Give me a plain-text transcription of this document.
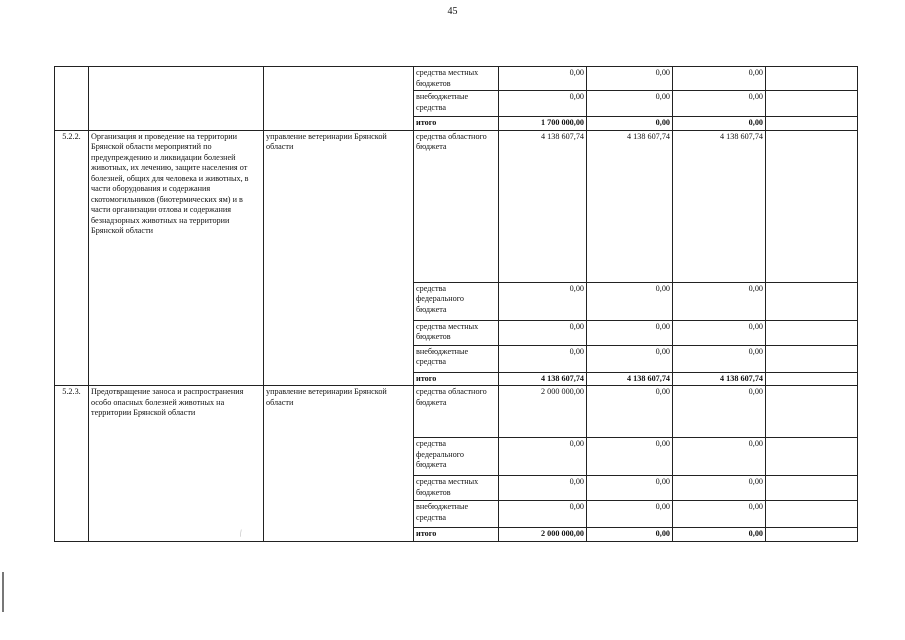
45
			средства местных бюджетов	0,00	0,00	0,00	
			внебюджетные средства	0,00	0,00	0,00	
			итого	1 700 000,00	0,00	0,00	
5.2.2.	Организация и проведение на территории Брянской области мероприятий по предупреждению и ликвидации болезней животных, их лечению, защите населения от болезней, общих для человека и животных, в части оборудования и содержания скотомогильников (биотермических ям) и в части организации отлова и содержания безнадзорных животных на территории Брянской области	управление ветеринарии Брянской области	средства областного бюджета	4 138 607,74	4 138 607,74	4 138 607,74	
			средства федерального бюджета	0,00	0,00	0,00	
			средства местных бюджетов	0,00	0,00	0,00	
			внебюджетные средства	0,00	0,00	0,00	
			итого	4 138 607,74	4 138 607,74	4 138 607,74	
5.2.3.	Предотвращение заноса и распространения особо опасных болезней животных на территории Брянской области	управление ветеринарии Брянской области	средства областного бюджета	2 000 000,00	0,00	0,00	
			средства федерального бюджета	0,00	0,00	0,00	
			средства местных бюджетов	0,00	0,00	0,00	
			внебюджетные средства	0,00	0,00	0,00	
			итого	2 000 000,00	0,00	0,00	
⁄
